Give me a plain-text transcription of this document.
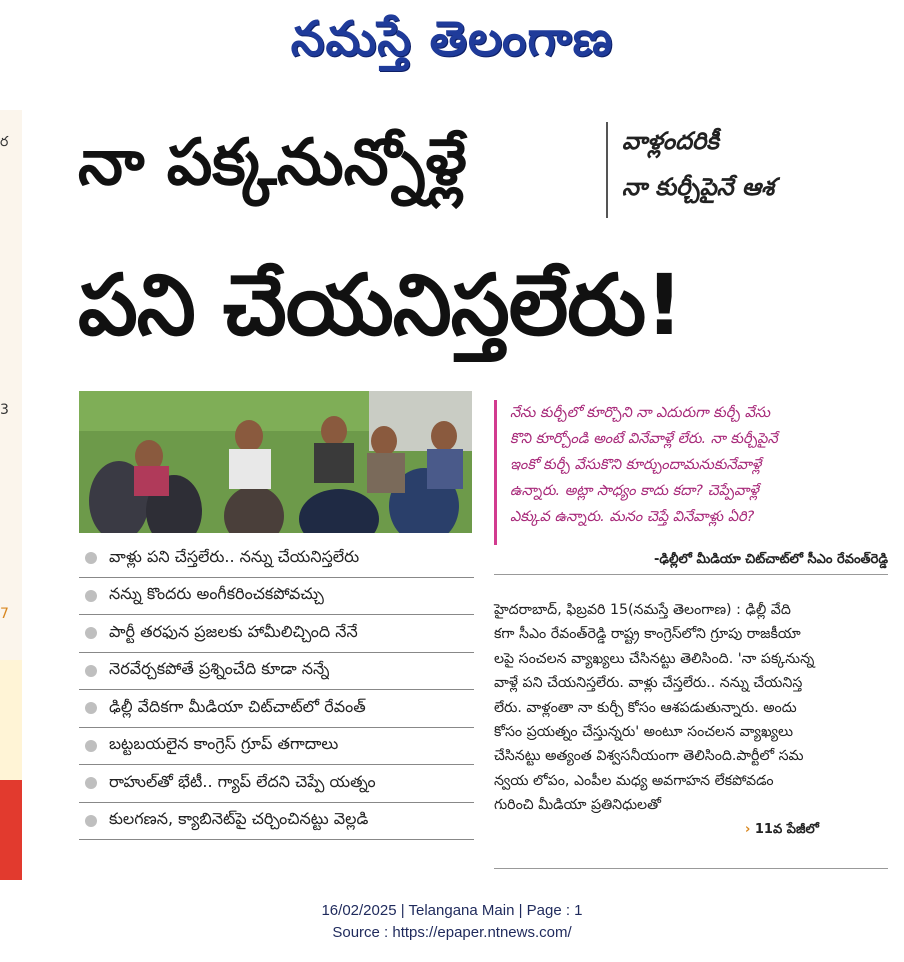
నమస్తే తెలంగాణ
ర
3
7
నా పక్కనున్నోళ్లే	వాళ్లందరికీ
నా కుర్చీపైనే ఆశ
పని చేయనిస్తలేరు!
వాళ్లు పని చేస్తలేరు.. నన్ను చేయనిస్తలేరు
నన్ను కొందరు అంగీకరించకపోవచ్చు
పార్టీ తరఫున ప్రజలకు హామీలిచ్చింది నేనే
నెరవేర్చకపోతే ప్రశ్నించేది కూడా నన్నే
ఢిల్లీ వేదికగా మీడియా చిట్‌చాట్‌లో రేవంత్
బట్టబయలైన కాంగ్రెస్ గ్రూప్ తగాదాలు
రాహుల్‌తో భేటీ.. గ్యాప్ లేదని చెప్పే యత్నం
కులగణన, క్యాబినెట్‌పై చర్చించినట్టు వెల్లడి
నేను కుర్చీలో కూర్చొని నా ఎదురుగా కుర్చీ వేసు
కొని కూర్చోండి అంటే వినేవాళ్లే లేరు. నా కుర్చీపైనే
ఇంకో కుర్చీ వేసుకొని కూర్చుందామనుకునేవాళ్లే
ఉన్నారు. అట్లా సాధ్యం కాదు కదా? చెప్పేవాళ్లే
ఎక్కువ ఉన్నారు. మనం చెప్తే వినేవాళ్లు ఏరి?
-ఢిల్లీలో మీడియా చిట్‌చాట్‌లో సీఎం రేవంత్‌రెడ్డి
హైదరాబాద్, ఫిబ్రవరి 15(నమస్తే తెలంగాణ) : ఢిల్లీ వేది
కగా సీఎం రేవంత్‌రెడ్డి రాష్ట్ర కాంగ్రెస్‌లోని గ్రూపు రాజకీయా
లపై సంచలన వ్యాఖ్యలు చేసినట్టు తెలిసింది. 'నా పక్కనున్న
వాళ్లే పని చేయనిస్తలేరు. వాళ్లు చేస్తలేరు.. నన్ను చేయనిస్త
లేరు. వాళ్లంతా నా కుర్చీ కోసం ఆశపడుతున్నారు. అందు
కోసం ప్రయత్నం చేస్తున్నరు' అంటూ సంచలన వ్యాఖ్యలు
చేసినట్టు అత్యంత విశ్వసనీయంగా తెలిసింది.పార్టీలో సమ
న్వయ లోపం, ఎంపీల మధ్య అవగాహన లేకపోవడం
గురించి మీడియా ప్రతినిధులతో
› 11వ పేజీలో
16/02/2025 | Telangana Main | Page : 1
Source : https://epaper.ntnews.com/
